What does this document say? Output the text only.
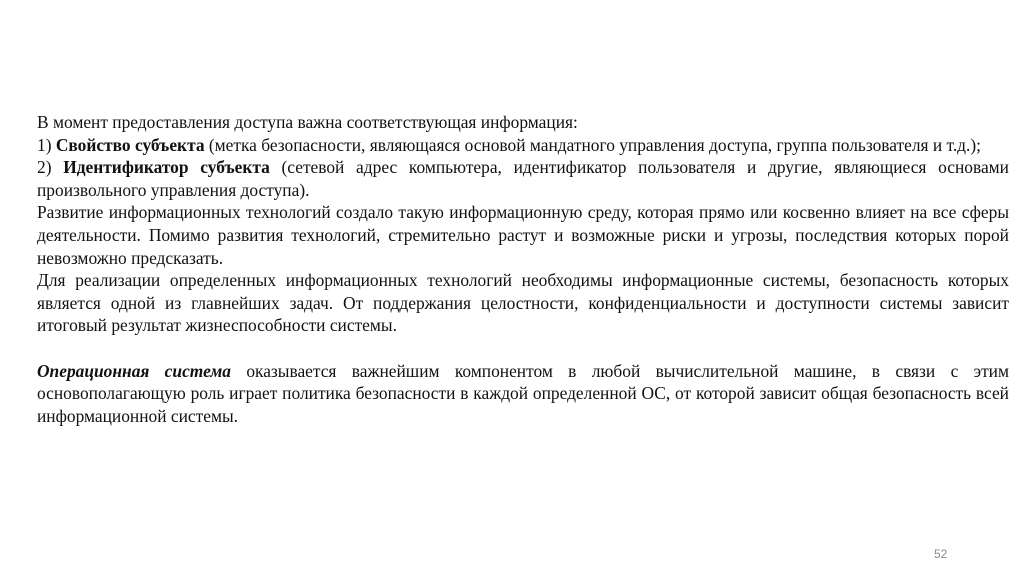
В момент предоставления доступа важна соответствующая информация:

1) Свойство субъекта (метка безопасности, являющаяся основой мандатного управления доступа, группа пользователя и т.д.);

2) Идентификатор субъекта (сетевой адрес компьютера, идентификатор пользователя и другие, являющиеся основами произвольного управления доступа).

Развитие информационных технологий создало такую информационную среду, которая прямо или косвенно влияет на все сферы деятельности. Помимо развития технологий, стремительно растут и возможные риски и угрозы, последствия которых порой невозможно предсказать.

Для реализации определенных информационных технологий необходимы информационные системы, безопасность которых является одной из главнейших задач. От поддержания целостности, конфиденциальности и доступности системы зависит итоговый результат жизнеспособности системы.

Операционная система оказывается важнейшим компонентом в любой вычислительной машине, в связи с этим основополагающую роль играет политика безопасности в каждой определенной ОС, от которой зависит общая безопасность всей информационной системы.

52
